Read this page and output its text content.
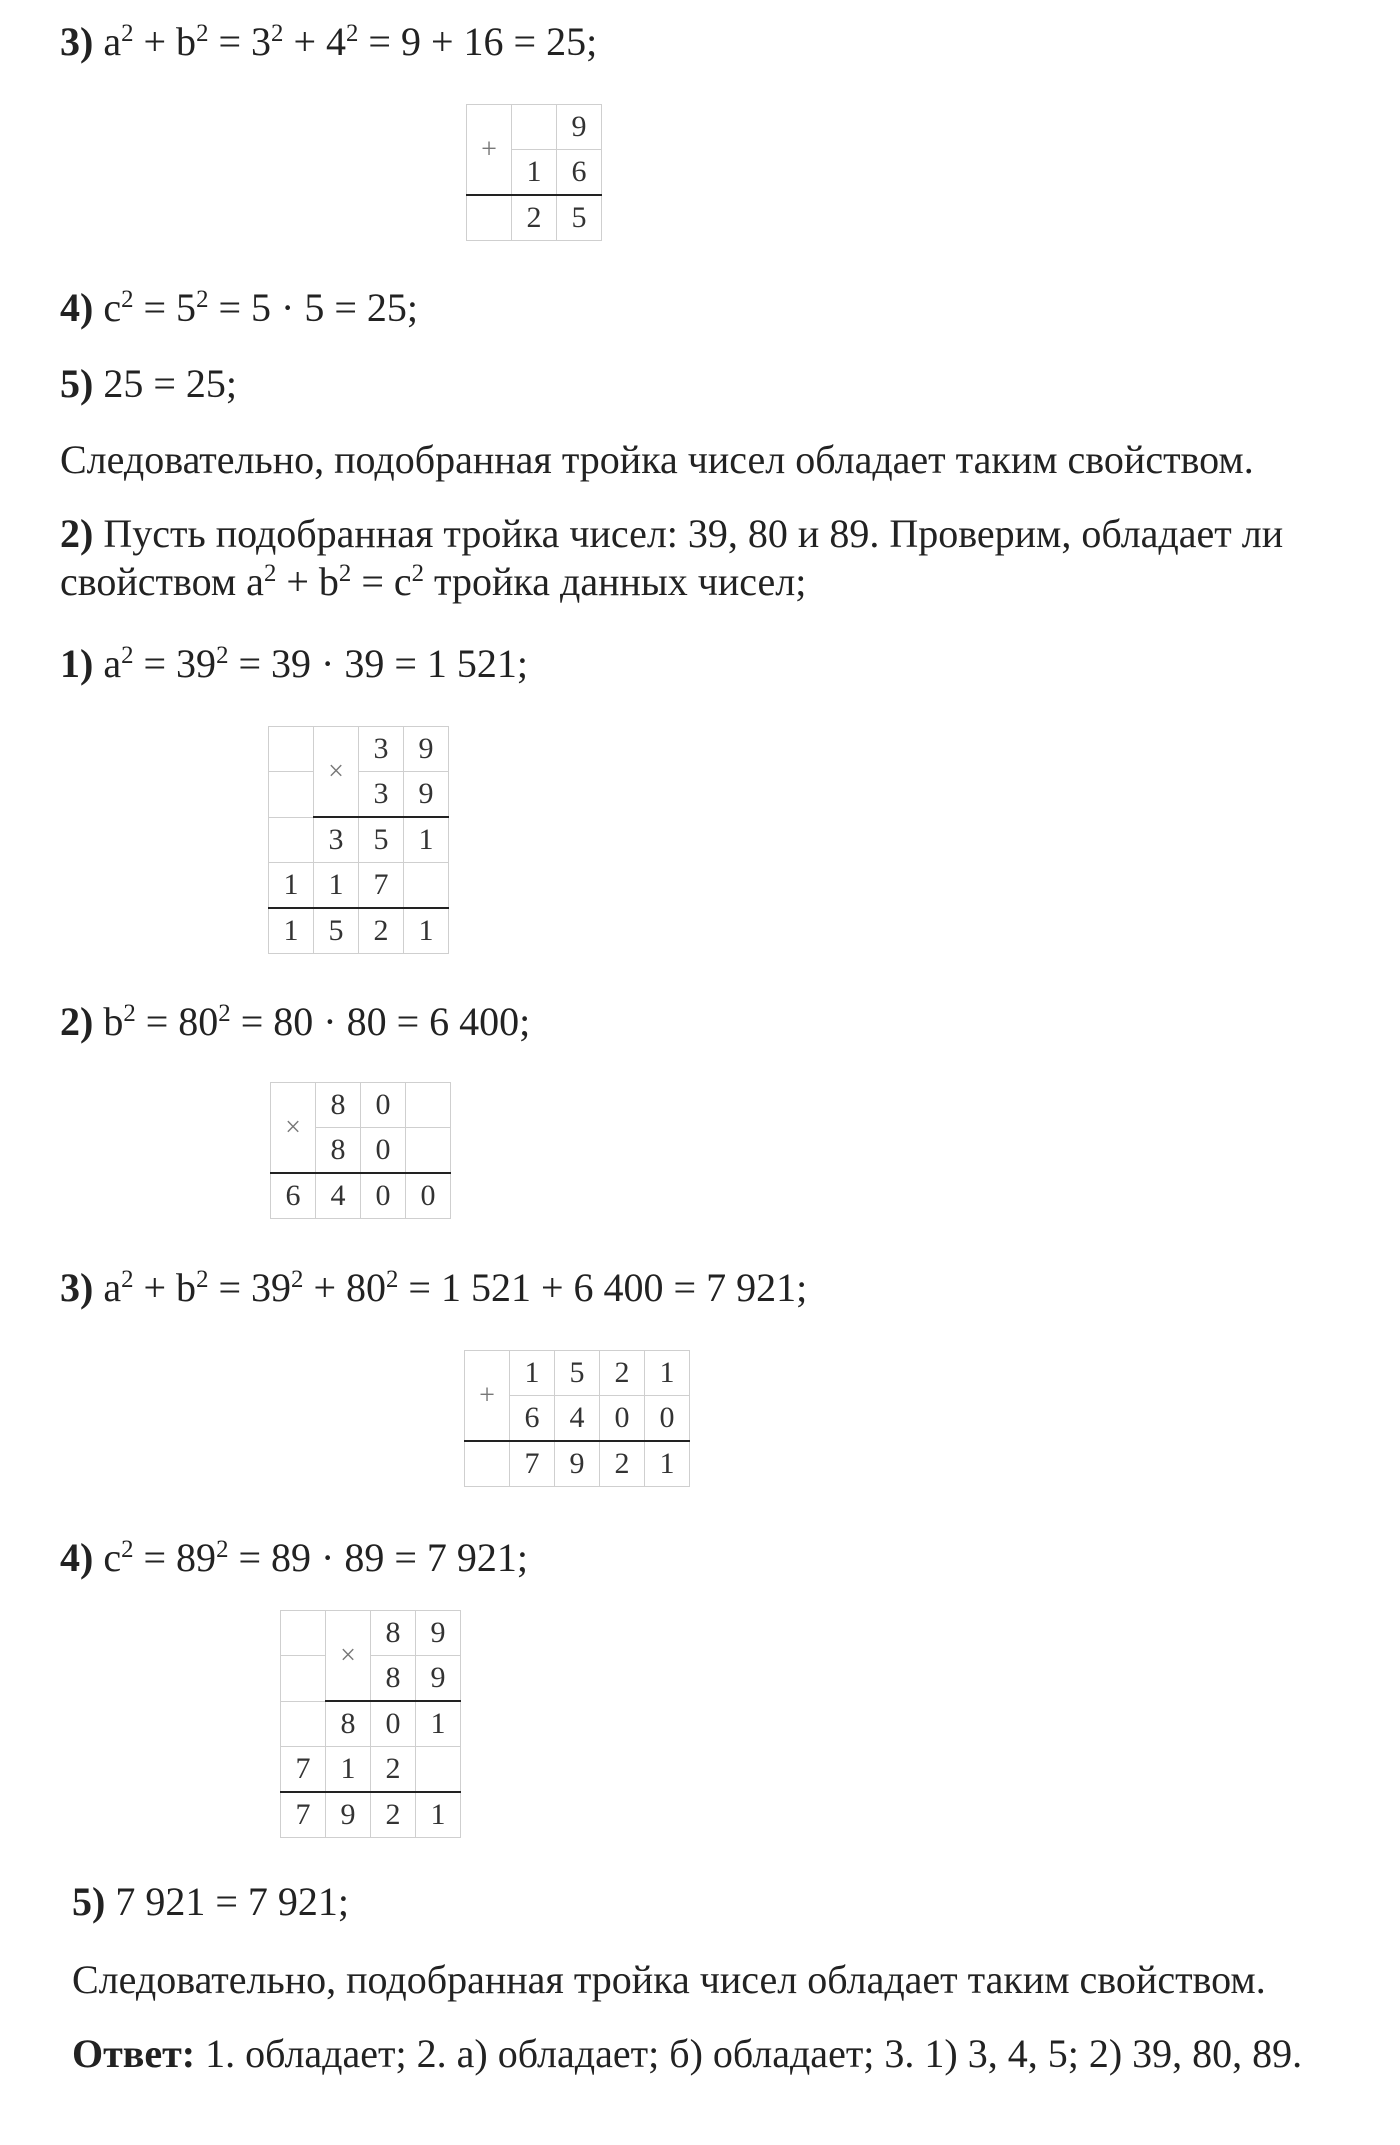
3) $a^2 + b^2 = 3^2 + 4^2 = 9 + 16 = 25$;
+		9
	1	6
	2	5
4) $c^2 = 5^2 = 5 \cdot 5 = 25$;
5) 25 = 25;
Следовательно, подобранная тройка чисел обладает таким свойством.
2) Пусть подобранная тройка чисел: 39, 80 и 89. Проверим, обладает ли свойством $a^2 + b^2 = c^2$ тройка данных чисел;
1) $a^2 = 39^2 = 39 \cdot 39 = 1$ 521;
	×	3	9
		3	9
	3	5	1
1	1	7	
1	5	2	1
2) $b^2 = 80^2 = 80 \cdot 80 = 6$ 400;
×	8	0	
	8	0	
6	4	0	0
3) $a^2 + b^2 = 39^2 + 80^2 = 1$ 521 + 6 400 = 7 921;
+	1	5	2	1
	6	4	0	0
	7	9	2	1
4) $c^2 = 89^2 = 89 \cdot 89 = 7$ 921;
	×	8	9
		8	9
	8	0	1
7	1	2	
7	9	2	1
5) 7 921 = 7 921;
Следовательно, подобранная тройка чисел обладает таким свойством.
Ответ: 1. обладает; 2. а) обладает; б) обладает; 3. 1) 3, 4, 5; 2) 39, 80, 89.
